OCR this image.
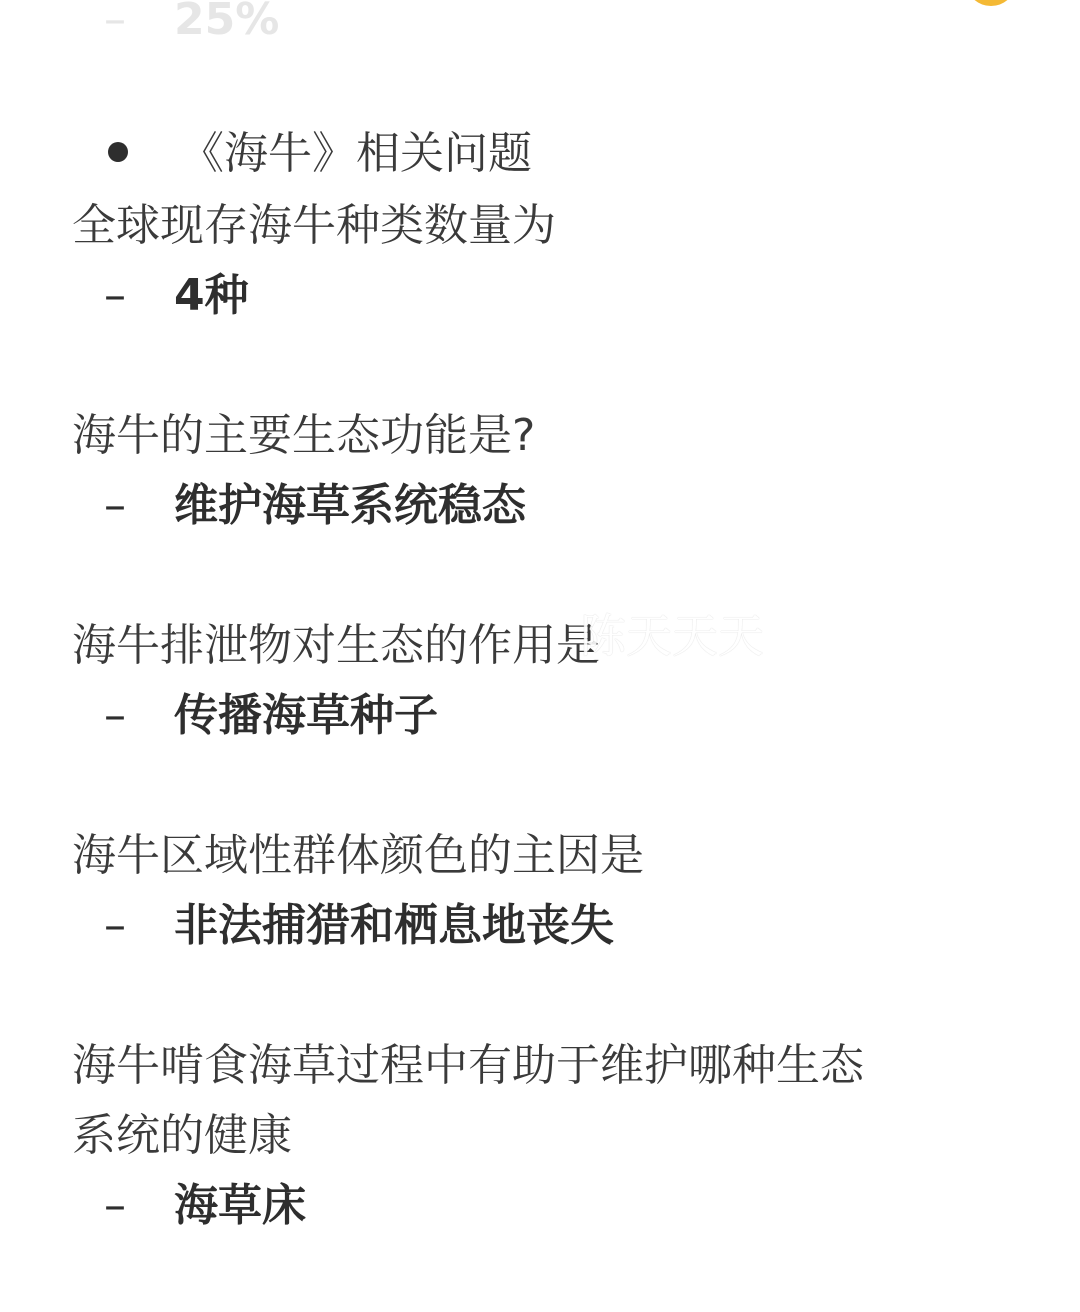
– 25%
《海牛》相关问题
全球现存海牛种类数量为
– 4种
海牛的主要生态功能是?
– 维护海草系统稳态
海牛排泄物对生态的作用是
– 传播海草种子
海牛区域性群体颜色的主因是
– 非法捕猎和栖息地丧失
海牛啃食海草过程中有助于维护哪种生态
系统的健康
– 海草床
陈天天天
